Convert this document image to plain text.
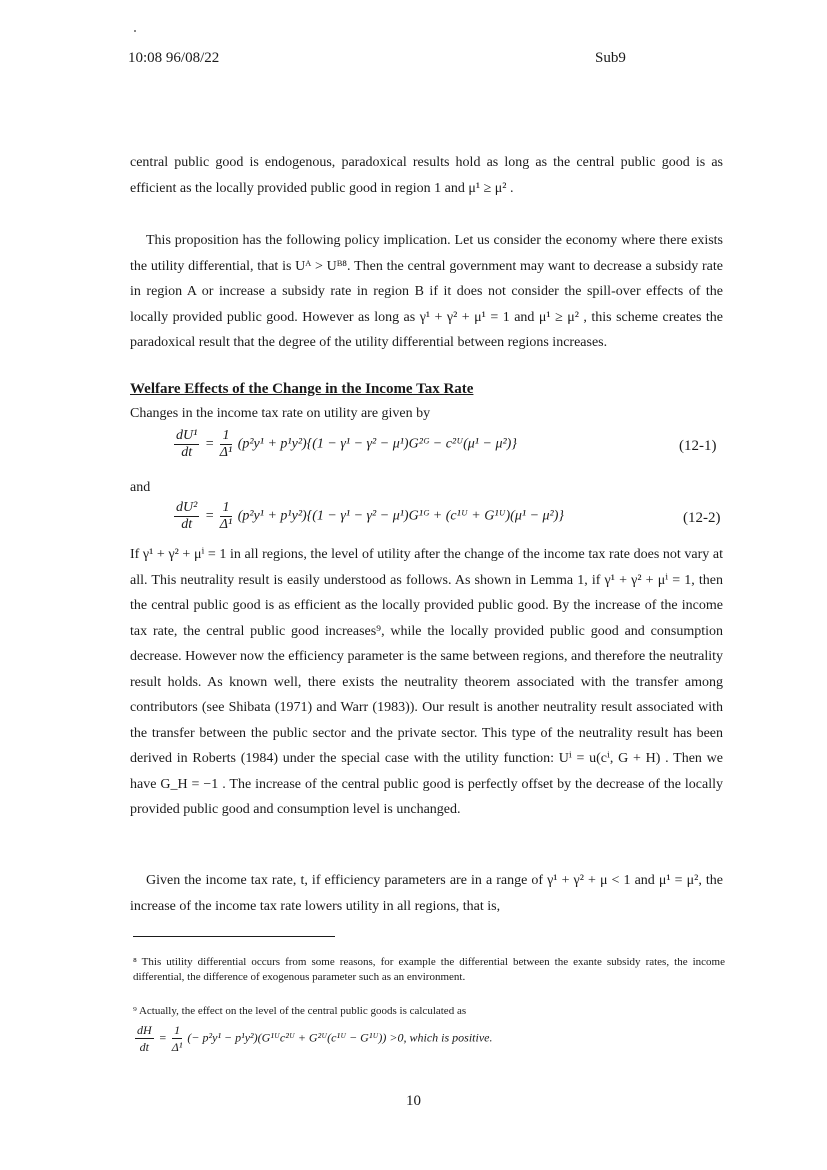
10:08 96/08/22	Sub9

central public good is endogenous, paradoxical results hold as long as the central public good is as efficient as the locally provided public good in region 1 and μ¹ ≥ μ² .

This proposition has the following policy implication. Let us consider the economy where there exists the utility differential, that is Uᴬ > Uᴮ⁸. Then the central government may want to decrease a subsidy rate in region A or increase a subsidy rate in region B if it does not consider the spill-over effects of the locally provided public good. However as long as γ¹ + γ² + μ¹ = 1 and μ¹ ≥ μ² , this scheme creates the paradoxical result that the degree of the utility differential between regions increases.

Welfare Effects of the Change in the Income Tax Rate
Changes in the income tax rate on utility are given by
$\frac{\text{dU¹}}{dt} = \frac{1}{\text{Δ¹}} (p^2y^1 + p^1y^2)\{(1 - \gamma^1 - \gamma^2$ − μ¹)G²ᴳ − c²ᵁ(μ¹ − μ²)}	(12-1)
and
$\frac{\text{dU²}}{dt} = \frac{1}{\text{Δ¹}} (p^2y^1 + p^1y^2)\{(1 - \gamma^1 - \gamma^2$ − μ¹)G¹ᴳ + (c¹ᵁ + G¹ᵁ)(μ¹ − μ²)}	(12-2)

If γ¹ + γ² + μⁱ = 1 in all regions, the level of utility after the change of the income tax rate does not vary at all. This neutrality result is easily understood as follows. As shown in Lemma 1, if γ¹ + γ² + μⁱ = 1, then the central public good is as efficient as the locally provided public good. By the increase of the income tax rate, the central public good increases⁹, while the locally provided public good and consumption decrease. However now the efficiency parameter is the same between regions, and therefore the neutrality result holds. As known well, there exists the neutrality theorem associated with the transfer among contributors (see Shibata (1971) and Warr (1983)). Our result is another neutrality result associated with the transfer between the public sector and the private sector. This type of the neutrality result has been derived in Roberts (1984) under the special case with the utility function: Uⁱ = u(cⁱ, G + H) . Then we have G_H = −1 . The increase of the central public good is perfectly offset by the decrease of the locally provided public good and consumption level is unchanged.

Given the income tax rate, t, if efficiency parameters are in a range of γ¹ + γ² + μ < 1 and μ¹ = μ², the increase of the income tax rate lowers utility in all regions, that is,

⁸ This utility differential occurs from some reasons, for example the differential between the exante subsidy rates, the income differential, the difference of exogenous parameter such as an environment.
⁹ Actually, the effect on the level of the central public goods is calculated as
$\frac{dH}{dt} = \frac{1}{\text{Δ¹}}$ (− p²y¹ − p¹y²)(G¹ᵁc²ᵁ + G²ᵁ(c¹ᵁ − G¹ᵁ)) >0, which is positive.
10
